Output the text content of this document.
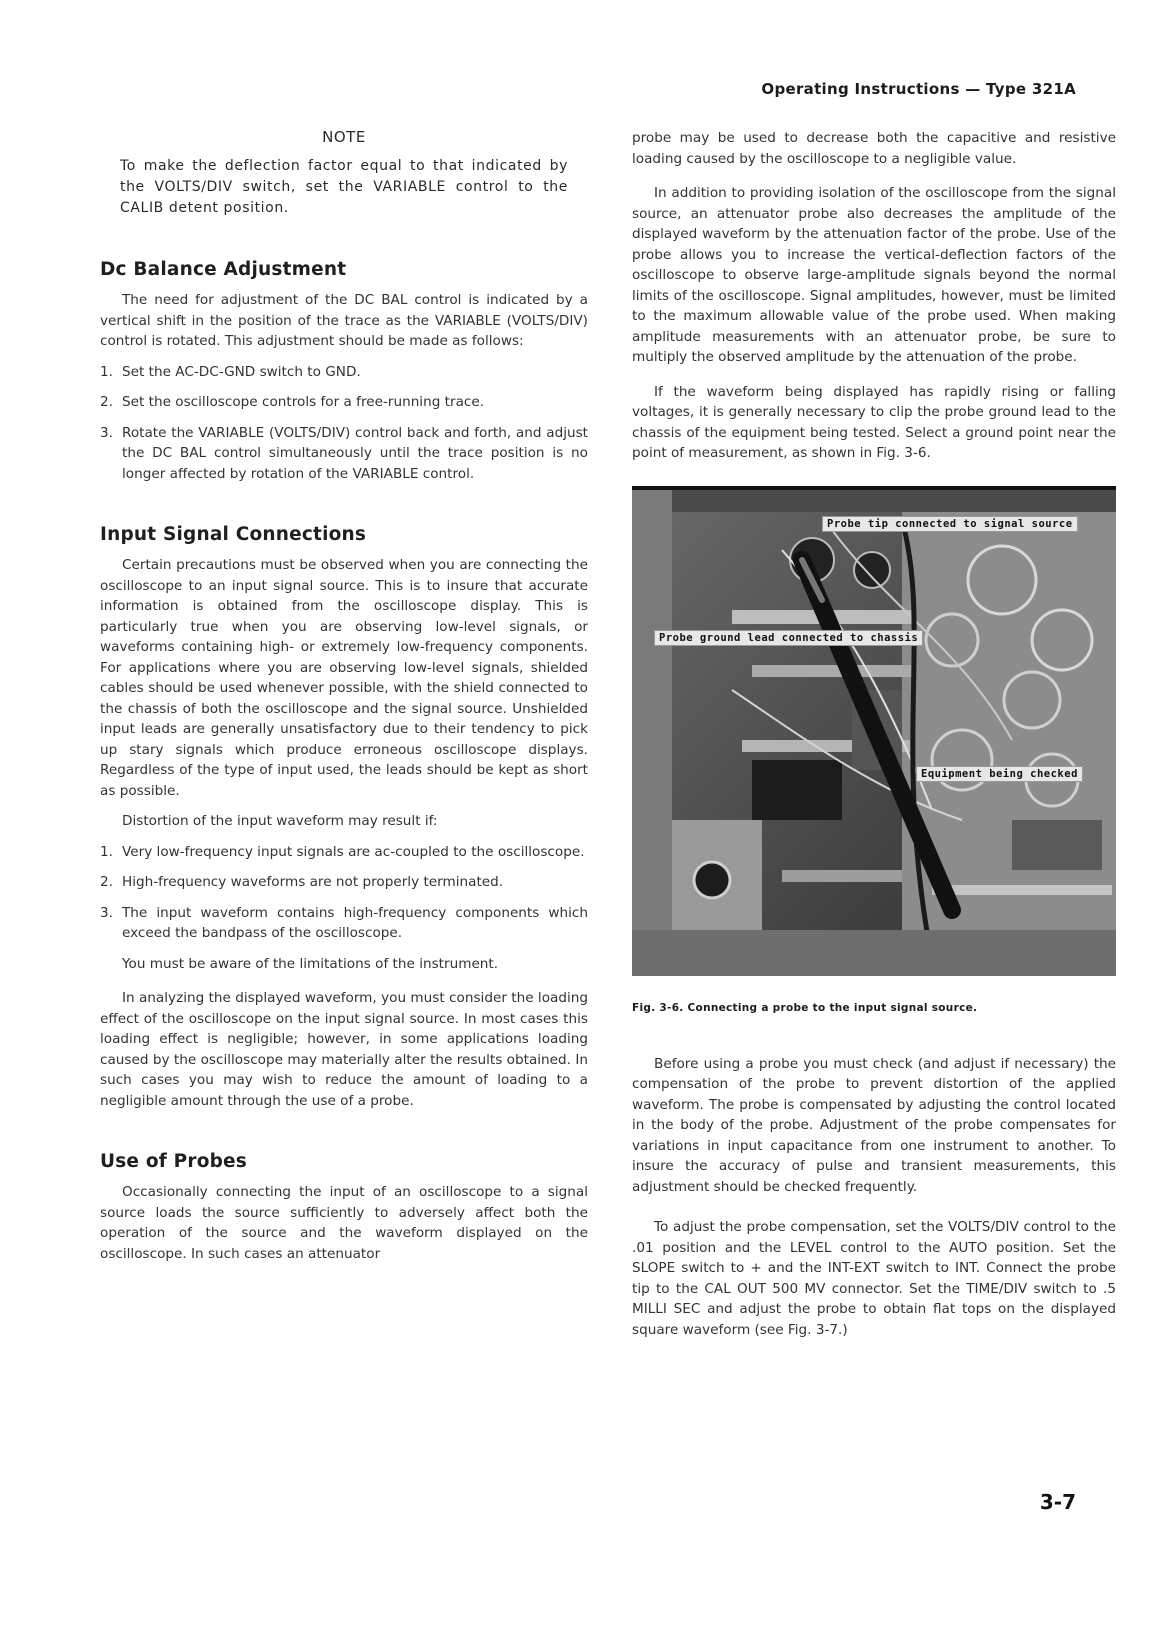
Operating Instructions — Type 321A
NOTE

To make the deflection factor equal to that indicated by the VOLTS/DIV switch, set the VARIABLE control to the CALIB detent position.

Dc Balance Adjustment

The need for adjustment of the DC BAL control is indicated by a vertical shift in the position of the trace as the VARIABLE (VOLTS/DIV) control is rotated. This adjustment should be made as follows:

1. Set the AC-DC-GND switch to GND.
2. Set the oscilloscope controls for a free-running trace.
3. Rotate the VARIABLE (VOLTS/DIV) control back and forth, and adjust the DC BAL control simultaneously until the trace position is no longer affected by rotation of the VARIABLE control.
Input Signal Connections

Certain precautions must be observed when you are connecting the oscilloscope to an input signal source. This is to insure that accurate information is obtained from the oscilloscope display. This is particularly true when you are observing low-level signals, or waveforms containing high- or extremely low-frequency components. For applications where you are observing low-level signals, shielded cables should be used whenever possible, with the shield connected to the chassis of both the oscilloscope and the signal source. Unshielded input leads are generally unsatisfactory due to their tendency to pick up stary signals which produce erroneous oscilloscope displays. Regardless of the type of input used, the leads should be kept as short as possible.

Distortion of the input waveform may result if:

1. Very low-frequency input signals are ac-coupled to the oscilloscope.
2. High-frequency waveforms are not properly terminated.
3. The input waveform contains high-frequency components which exceed the bandpass of the oscilloscope.

You must be aware of the limitations of the instrument.

In analyzing the displayed waveform, you must consider the loading effect of the oscilloscope on the input signal source. In most cases this loading effect is negligible; however, in some applications loading caused by the oscilloscope may materially alter the results obtained. In such cases you may wish to reduce the amount of loading to a negligible amount through the use of a probe.

Use of Probes

Occasionally connecting the input of an oscilloscope to a signal source loads the source sufficiently to adversely affect both the operation of the source and the waveform displayed on the oscilloscope. In such cases an attenuator

probe may be used to decrease both the capacitive and resistive loading caused by the oscilloscope to a negligible value.

In addition to providing isolation of the oscilloscope from the signal source, an attenuator probe also decreases the amplitude of the displayed waveform by the attenuation factor of the probe. Use of the probe allows you to increase the vertical-deflection factors of the oscilloscope to observe large-amplitude signals beyond the normal limits of the oscilloscope. Signal amplitudes, however, must be limited to the maximum allowable value of the probe used. When making amplitude measurements with an attenuator probe, be sure to multiply the observed amplitude by the attenuation of the probe.

If the waveform being displayed has rapidly rising or falling voltages, it is generally necessary to clip the probe ground lead to the chassis of the equipment being tested. Select a ground point near the point of measurement, as shown in Fig. 3-6.

Probe tip connected to signal source
Probe ground lead connected to chassis
Equipment being checked
Fig. 3-6. Connecting a probe to the input signal source.

Before using a probe you must check (and adjust if necessary) the compensation of the probe to prevent distortion of the applied waveform. The probe is compensated by adjusting the control located in the body of the probe. Adjustment of the probe compensates for variations in input capacitance from one instrument to another. To insure the accuracy of pulse and transient measurements, this adjustment should be checked frequently.

To adjust the probe compensation, set the VOLTS/DIV control to the .01 position and the LEVEL control to the AUTO position. Set the SLOPE switch to + and the INT-EXT switch to INT. Connect the probe tip to the CAL OUT 500 MV connector. Set the TIME/DIV switch to .5 MILLI SEC and adjust the probe to obtain flat tops on the displayed square waveform (see Fig. 3-7.)

3-7
